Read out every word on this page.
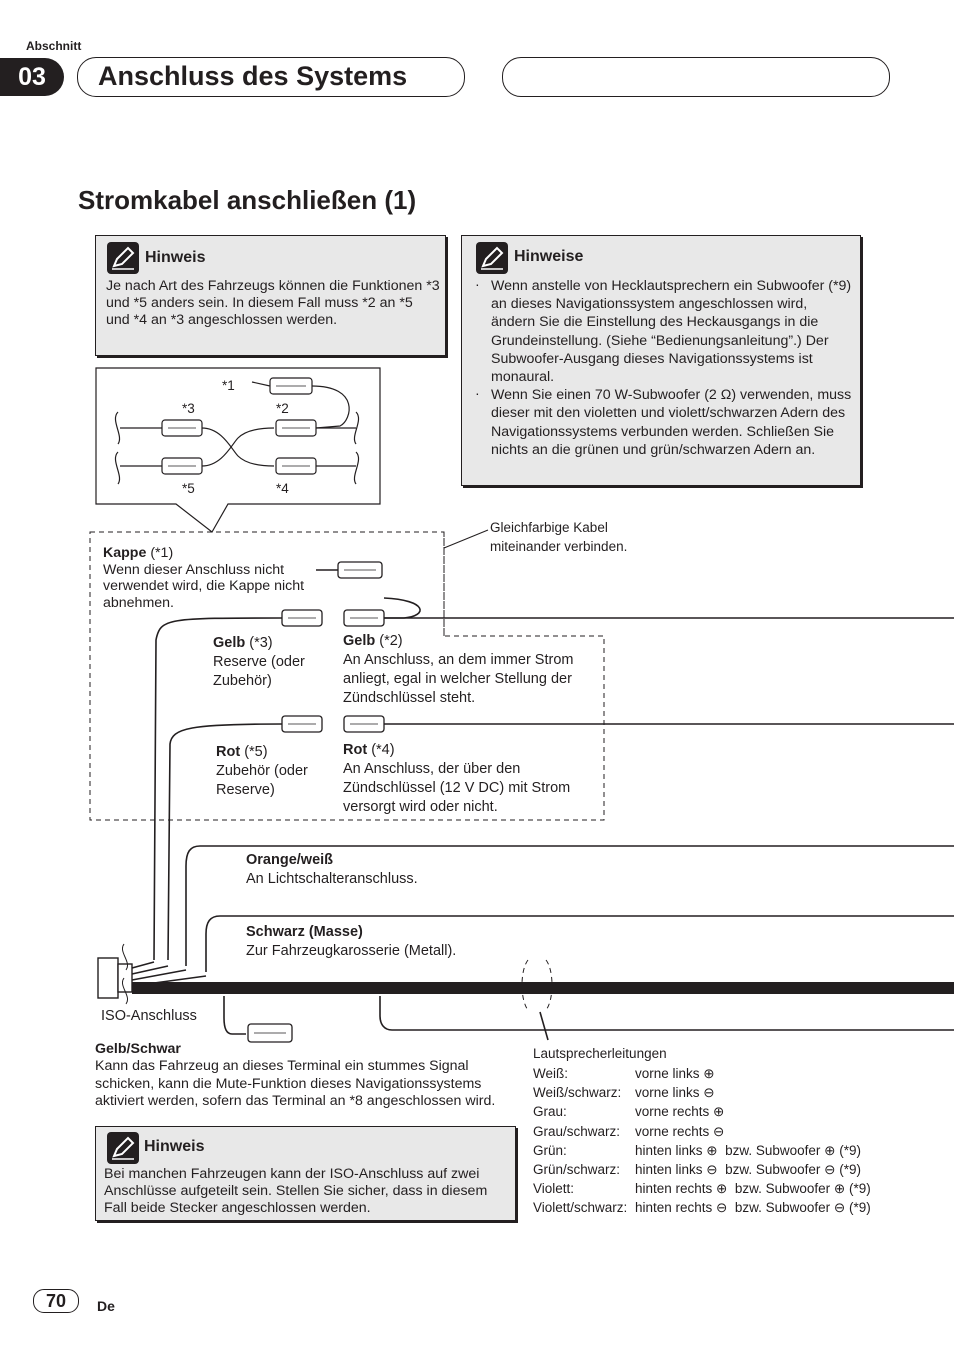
Abschnitt
03	Anschluss des Systems
Stromkabel anschließen (1)
*1
*2
*3
*4
*5
Hinweis
Je nach Art des Fahrzeugs können die Funktionen *3 und *5 anders sein. In diesem Fall muss *2 an *5 und *4 an *3 angeschlossen werden.
Hinweise
· Wenn anstelle von Hecklautsprechern ein Subwoofer (*9) an dieses Navigationssystem angeschlossen wird, ändern Sie die Einstellung des Heckausgangs in die Grundeinstellung. (Siehe “Bedienungsanleitung”.) Der Subwoofer-Ausgang dieses Navigationssystems ist monaural.
· Wenn Sie einen 70 W-Subwoofer (2 Ω) verwenden, muss dieser mit den violetten und violett/schwarzen Adern des Navigationssystems verbunden werden. Schließen Sie nichts an die grünen und grün/schwarzen Adern an.
Gleichfarbige Kabel miteinander verbinden.
Kappe (*1)
Wenn dieser Anschluss nicht verwendet wird, die Kappe nicht abnehmen.
Gelb (*3)
Reserve (oder Zubehör)
Gelb (*2)
An Anschluss, an dem immer Strom anliegt, egal in welcher Stellung der Zündschlüssel steht.
Rot (*5)
Zubehör (oder Reserve)
Rot (*4)
An Anschluss, der über den Zündschlüssel (12 V DC) mit Strom versorgt wird oder nicht.
Orange/weiß
An Lichtschalteranschluss.
Schwarz (Masse)
Zur Fahrzeugkarosserie (Metall).
ISO-Anschluss
Gelb/Schwar
Kann das Fahrzeug an dieses Terminal ein stummes Signal schicken, kann die Mute-Funktion dieses Navigationssystems aktiviert werden, sofern das Terminal an *8 angeschlossen wird.
Hinweis
Bei manchen Fahrzeugen kann der ISO-Anschluss auf zwei Anschlüsse aufgeteilt sein. Stellen Sie sicher, dass in diesem Fall beide Stecker angeschlossen werden.
Lautsprecherleitungen
Weiß:	vorne links ⊕
Weiß/schwarz: vorne links ⊖
Grau:	vorne rechts ⊕
Grau/schwarz: vorne rechts ⊖
Grün:	hinten links ⊕  bzw. Subwoofer ⊕ (*9)
Grün/schwarz: hinten links ⊖  bzw. Subwoofer ⊖ (*9)
Violett:	hinten rechts ⊕  bzw. Subwoofer ⊕ (*9)
Violett/schwarz: hinten rechts ⊖  bzw. Subwoofer ⊖ (*9)
70	De
